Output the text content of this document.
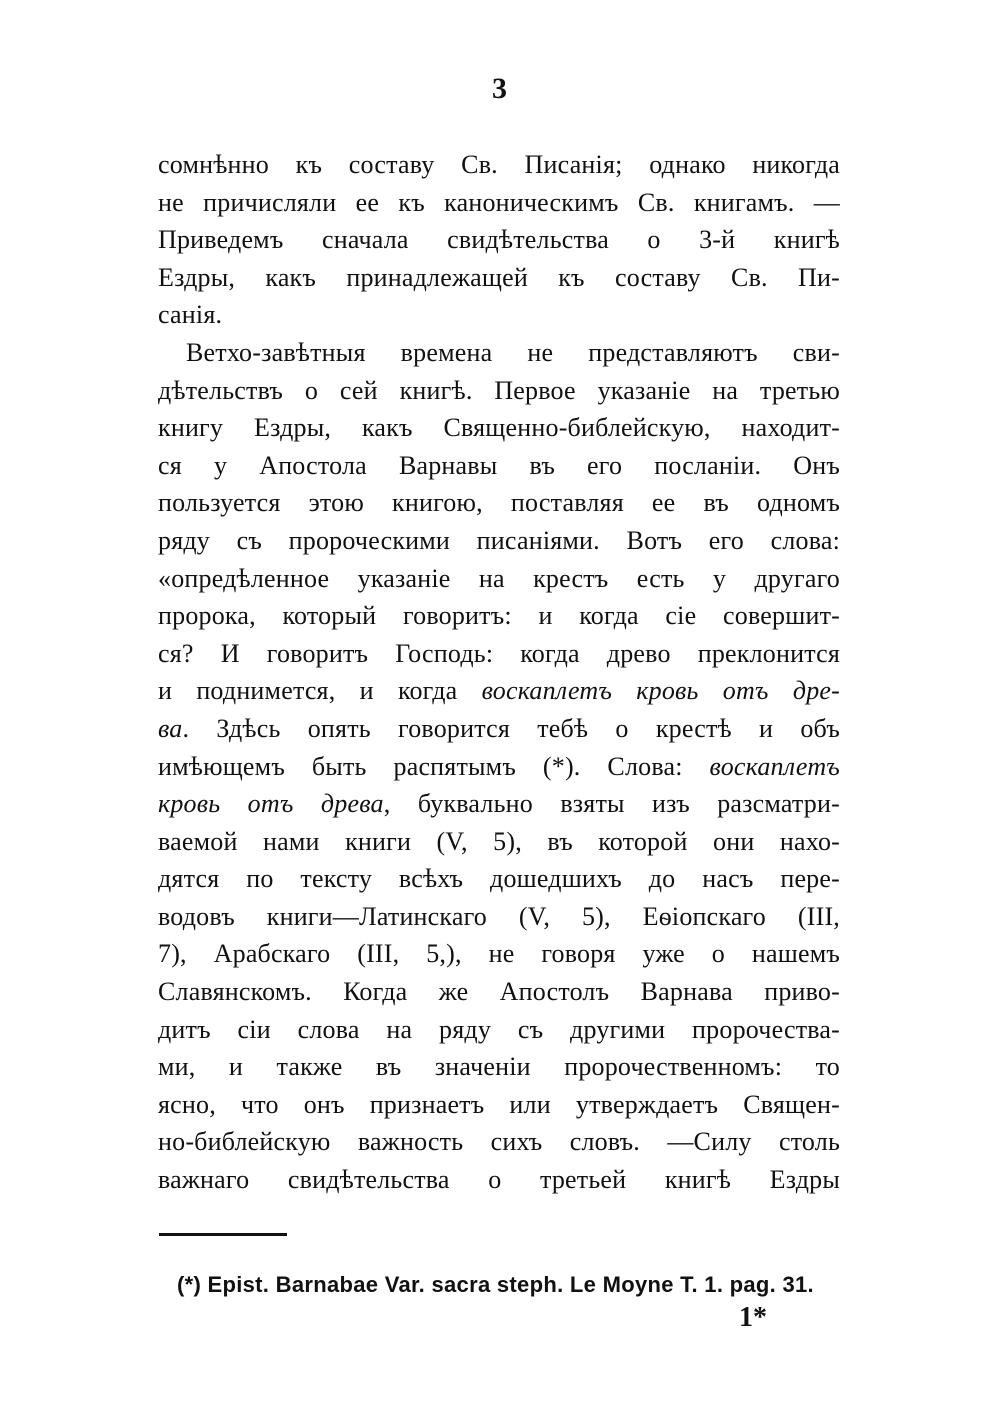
3
сомнѣнно къ составу Св. Писанія; однако никогда
не причисляли ее къ каноническимъ Св. книгамъ. —
Приведемъ сначала свидѣтельства о 3-й книгѣ
Ездры, какъ принадлежащей къ составу Св. Пи-
санія.
Ветхо-завѣтныя времена не представляютъ сви-
дѣтельствъ о сей книгѣ. Первое указаніе на третью
книгу Ездры, какъ Священно-библейскую, находит-
ся у Апостола Варнавы въ его посланіи. Онъ
пользуется этою книгою, поставляя ее въ одномъ
ряду съ пророческими писаніями. Вотъ его слова:
«опредѣленное указаніе на крестъ есть у другаго
пророка, который говоритъ: и когда сіе совершит-
ся? И говоритъ Господь: когда древо преклонится
и поднимется, и когда воскаплетъ кровь отъ дре-
ва. Здѣсь опять говорится тебѣ о крестѣ и объ
имѣющемъ быть распятымъ (*). Слова: воскаплетъ
кровь отъ древа, буквально взяты изъ разсматри-
ваемой нами книги (V, 5), въ которой они нахо-
дятся по тексту всѣхъ дошедшихъ до насъ пере-
водовъ книги—Латинскаго (V, 5), Еѳіопскаго (III,
7), Арабскаго (III, 5,), не говоря уже о нашемъ
Славянскомъ. Когда же Апостолъ Варнава приво-
дитъ сіи слова на ряду съ другими пророчества-
ми, и также въ значеніи пророчественномъ: то
ясно, что онъ признаетъ или утверждаетъ Священ-
но-библейскую важность сихъ словъ. —Силу столь
важнаго свидѣтельства о третьей книгѣ Ездры
(*) Epist. Barnabae Var. sacra steph. Le Moyne T. 1. pag. 31.
1*
